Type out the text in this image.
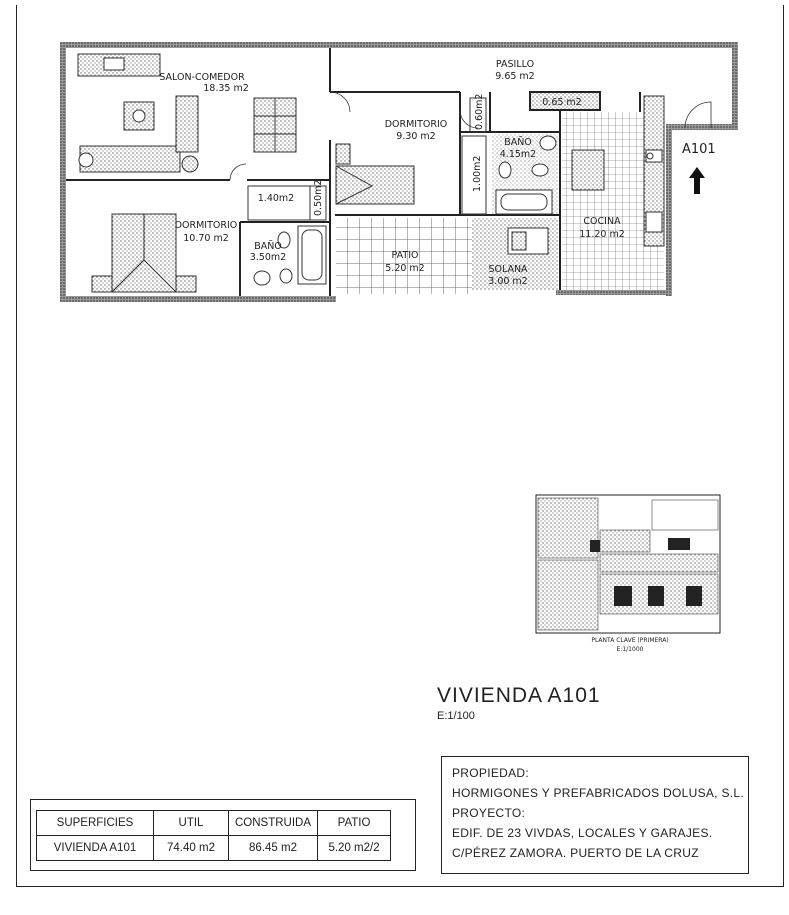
SALON-COMEDOR
18.35 m2
PASILLO
9.65 m2
DORMITORIO
9.30 m2
DORMITORIO
10.70 m2
BAÑO
4.15m2
BAÑO
3.50m2
COCINA
11.20 m2
PATIO
5.20 m2	SOLANA
3.00 m2
1.40m2
0.65 m2
0.50m2
0.60m2
1.00m2
A101
PLANTA CLAVE (PRIMERA)
E:1/1000
VIVIENDA A101
E:1/100
PROPIEDAD:
HORMIGONES Y PREFABRICADOS DOLUSA, S.L.
PROYECTO:
EDIF. DE 23 VIVDAS, LOCALES Y GARAJES.
C/PÉREZ ZAMORA. PUERTO DE LA CRUZ
SUPERFICIES	UTIL	CONSTRUIDA	PATIO
VIVIENDA A101	74.40 m2	86.45 m2	5.20 m2/2
